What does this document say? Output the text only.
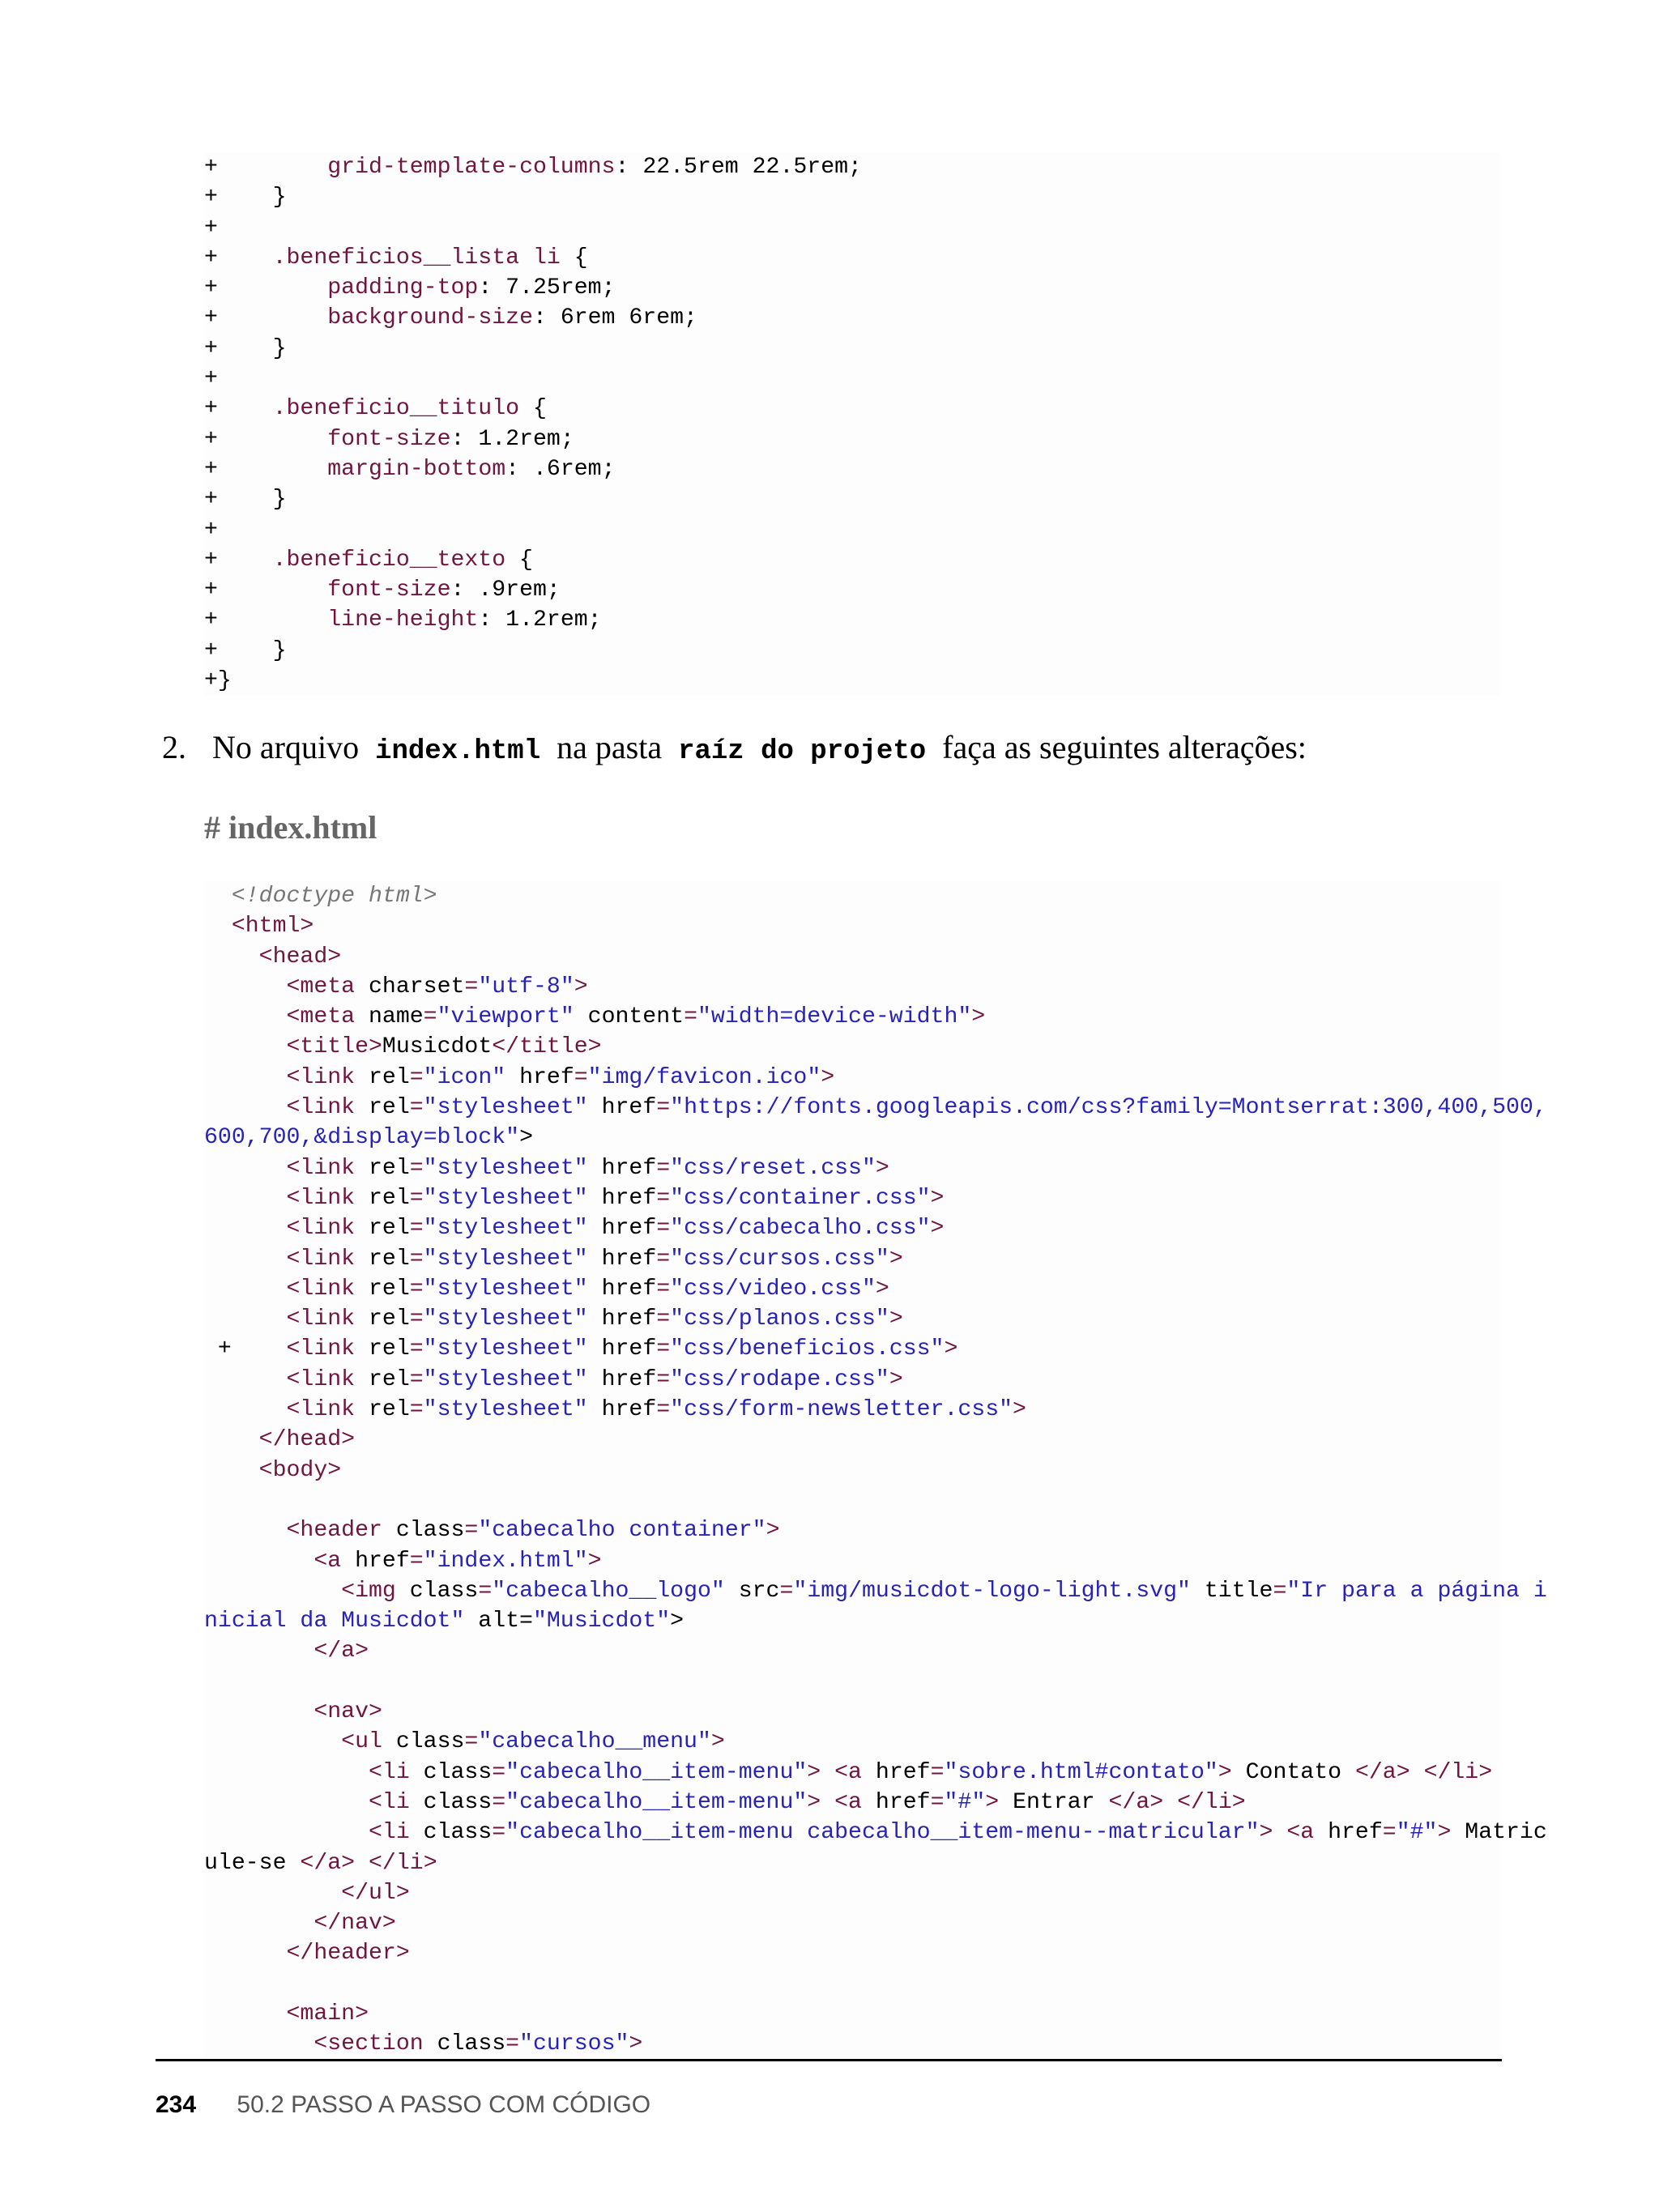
+        grid-template-columns: 22.5rem 22.5rem;
+    }
+
+    .beneficios__lista li {
+        padding-top: 7.25rem;
+        background-size: 6rem 6rem;
+    }
+
+    .beneficio__titulo {
+        font-size: 1.2rem;
+        margin-bottom: .6rem;
+    }
+
+    .beneficio__texto {
+        font-size: .9rem;
+        line-height: 1.2rem;
+    }
+}
2. No arquivo index.html na pasta raíz do projeto faça as seguintes alterações:
# index.html
<!doctype html>
<html>
<head>
<meta charset="utf-8">
<meta name="viewport" content="width=device-width">
<title>Musicdot</title>
<link rel="icon" href="img/favicon.ico">
<link rel="stylesheet" href="https://fonts.googleapis.com/css?family=Montserrat:300,400,500,
600,700,&display=block">
<link rel="stylesheet" href="css/reset.css">
<link rel="stylesheet" href="css/container.css">
<link rel="stylesheet" href="css/cabecalho.css">
<link rel="stylesheet" href="css/cursos.css">
<link rel="stylesheet" href="css/video.css">
<link rel="stylesheet" href="css/planos.css">
+    <link rel="stylesheet" href="css/beneficios.css">
<link rel="stylesheet" href="css/rodape.css">
<link rel="stylesheet" href="css/form-newsletter.css">
</head>
<body>
<header class="cabecalho container">
<a href="index.html">
<img class="cabecalho__logo" src="img/musicdot-logo-light.svg" title="Ir para a página i
nicial da Musicdot" alt="Musicdot">
</a>
<nav>
<ul class="cabecalho__menu">
<li class="cabecalho__item-menu"> <a href="sobre.html#contato"> Contato </a> </li>
<li class="cabecalho__item-menu"> <a href="#"> Entrar </a> </li>
<li class="cabecalho__item-menu cabecalho__item-menu--matricular"> <a href="#"> Matric
ule-se </a> </li>
</ul>
</nav>
</header>
<main>
<section class="cursos">
234 50.2 PASSO A PASSO COM CÓDIGO
